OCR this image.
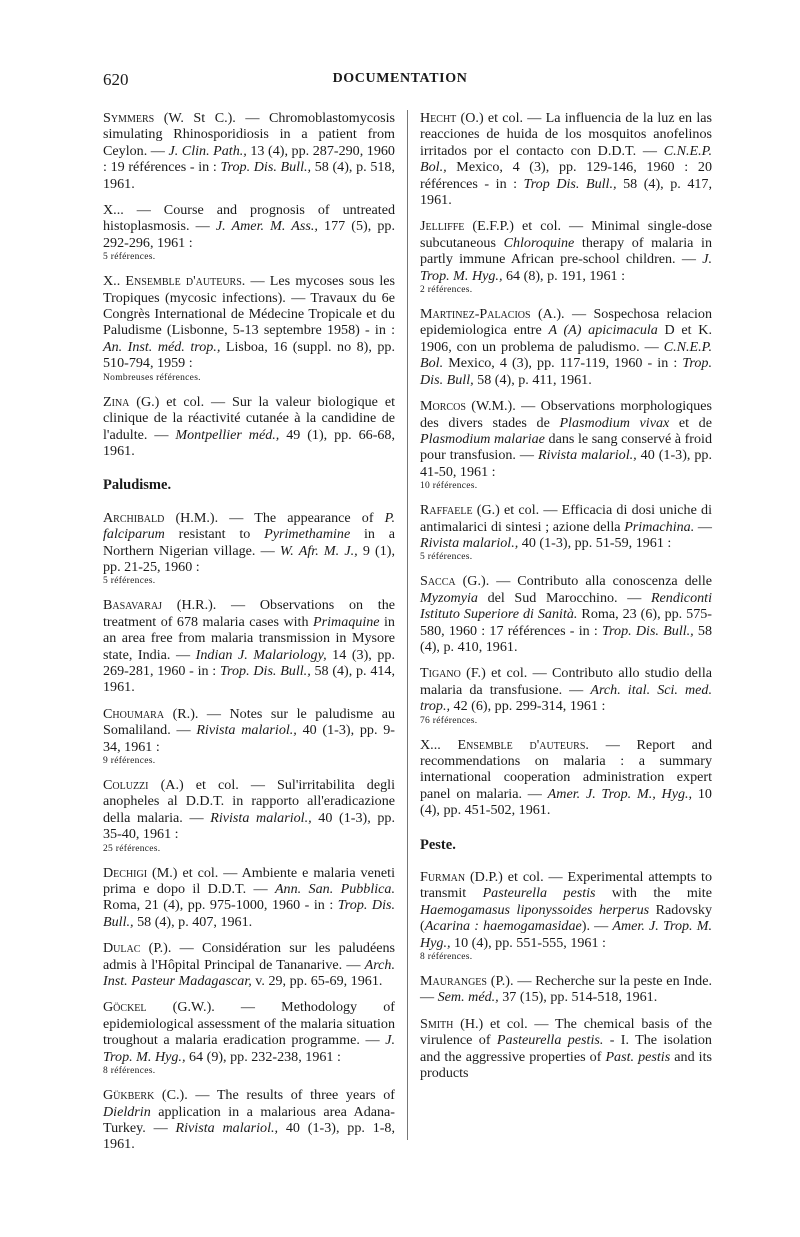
620	DOCUMENTATION
Symmers (W. St C.). — Chromoblastomycosis simulating Rhinosporidiosis in a patient from Ceylon. — J. Clin. Path., 13 (4), pp. 287-290, 1960 : 19 références - in : Trop. Dis. Bull., 58 (4), p. 518, 1961.
X... — Course and prognosis of untreated histoplasmosis. — J. Amer. M. Ass., 177 (5), pp. 292-296, 1961 :
5 références.
X.. Ensemble d'auteurs. — Les mycoses sous les Tropiques (mycosic infections). — Travaux du 6e Congrès International de Médecine Tropicale et du Paludisme (Lisbonne, 5-13 septembre 1958) - in : An. Inst. méd. trop., Lisboa, 16 (suppl. no 8), pp. 510-794, 1959 :
Nombreuses références.
Zina (G.) et col. — Sur la valeur biologique et clinique de la réactivité cutanée à la candidine de l'adulte. — Montpellier méd., 49 (1), pp. 66-68, 1961.
Paludisme.
Archibald (H.M.). — The appearance of P. falciparum resistant to Pyrimethamine in a Northern Nigerian village. — W. Afr. M. J., 9 (1), pp. 21-25, 1960 :
5 références.
Basavaraj (H.R.). — Observations on the treatment of 678 malaria cases with Primaquine in an area free from malaria transmission in Mysore state, India. — Indian J. Malariology, 14 (3), pp. 269-281, 1960 - in : Trop. Dis. Bull., 58 (4), p. 414, 1961.
Choumara (R.). — Notes sur le paludisme au Somaliland. — Rivista malariol., 40 (1-3), pp. 9-34, 1961 :
9 références.
Coluzzi (A.) et col. — Sul'irritabilita degli anopheles al D.D.T. in rapporto all'eradicazione della malaria. — Rivista malariol., 40 (1-3), pp. 35-40, 1961 :
25 références.
Dechigi (M.) et col. — Ambiente e malaria veneti prima e dopo il D.D.T. — Ann. San. Pubblica. Roma, 21 (4), pp. 975-1000, 1960 - in : Trop. Dis. Bull., 58 (4), p. 407, 1961.
Dulac (P.). — Considération sur les paludéens admis à l'Hôpital Principal de Tananarive. — Arch. Inst. Pasteur Madagascar, v. 29, pp. 65-69, 1961.
Göckel (G.W.). — Methodology of epidemiological assessment of the malaria situation troughout a malaria eradication programme. — J. Trop. M. Hyg., 64 (9), pp. 232-238, 1961 :
8 références.
Gükberk (C.). — The results of three years of Dieldrin application in a malarious area Adana-Turkey. — Rivista malariol., 40 (1-3), pp. 1-8, 1961.
Hecht (O.) et col. — La influencia de la luz en las reacciones de huida de los mosquitos anofelinos irritados por el contacto con D.D.T. — C.N.E.P. Bol., Mexico, 4 (3), pp. 129-146, 1960 : 20 références - in : Trop Dis. Bull., 58 (4), p. 417, 1961.
Jelliffe (E.F.P.) et col. — Minimal single-dose subcutaneous Chloroquine therapy of malaria in partly immune African pre-school children. — J. Trop. M. Hyg., 64 (8), p. 191, 1961 :
2 références.
Martinez-Palacios (A.). — Sospechosa relacion epidemiologica entre A (A) apicimacula D et K. 1906, con un problema de paludismo. — C.N.E.P. Bol. Mexico, 4 (3), pp. 117-119, 1960 - in : Trop. Dis. Bull, 58 (4), p. 411, 1961.
Morcos (W.M.). — Observations morphologiques des divers stades de Plasmodium vivax et de Plasmodium malariae dans le sang conservé à froid pour transfusion. — Rivista malariol., 40 (1-3), pp. 41-50, 1961 :
10 références.
Raffaele (G.) et col. — Efficacia di dosi uniche di antimalarici di sintesi ; azione della Primachina. — Rivista malariol., 40 (1-3), pp. 51-59, 1961 :
5 références.
Sacca (G.). — Contributo alla conoscenza delle Myzomyia del Sud Marocchino. — Rendiconti Istituto Superiore di Sanità. Roma, 23 (6), pp. 575-580, 1960 : 17 références - in : Trop. Dis. Bull., 58 (4), p. 410, 1961.
Tigano (F.) et col. — Contributo allo studio della malaria da transfusione. — Arch. ital. Sci. med. trop., 42 (6), pp. 299-314, 1961 :
76 références.
X... Ensemble d'auteurs. — Report and recommendations on malaria : a summary international cooperation administration expert panel on malaria. — Amer. J. Trop. M., Hyg., 10 (4), pp. 451-502, 1961.
Peste.
Furman (D.P.) et col. — Experimental attempts to transmit Pasteurella pestis with the mite Haemogamasus liponyssoides herperus Radovsky (Acarina : haemogamasidae). — Amer. J. Trop. M. Hyg., 10 (4), pp. 551-555, 1961 :
8 références.
Mauranges (P.). — Recherche sur la peste en Inde. — Sem. méd., 37 (15), pp. 514-518, 1961.
Smith (H.) et col. — The chemical basis of the virulence of Pasteurella pestis. - I. The isolation and the aggressive properties of Past. pestis and its products
